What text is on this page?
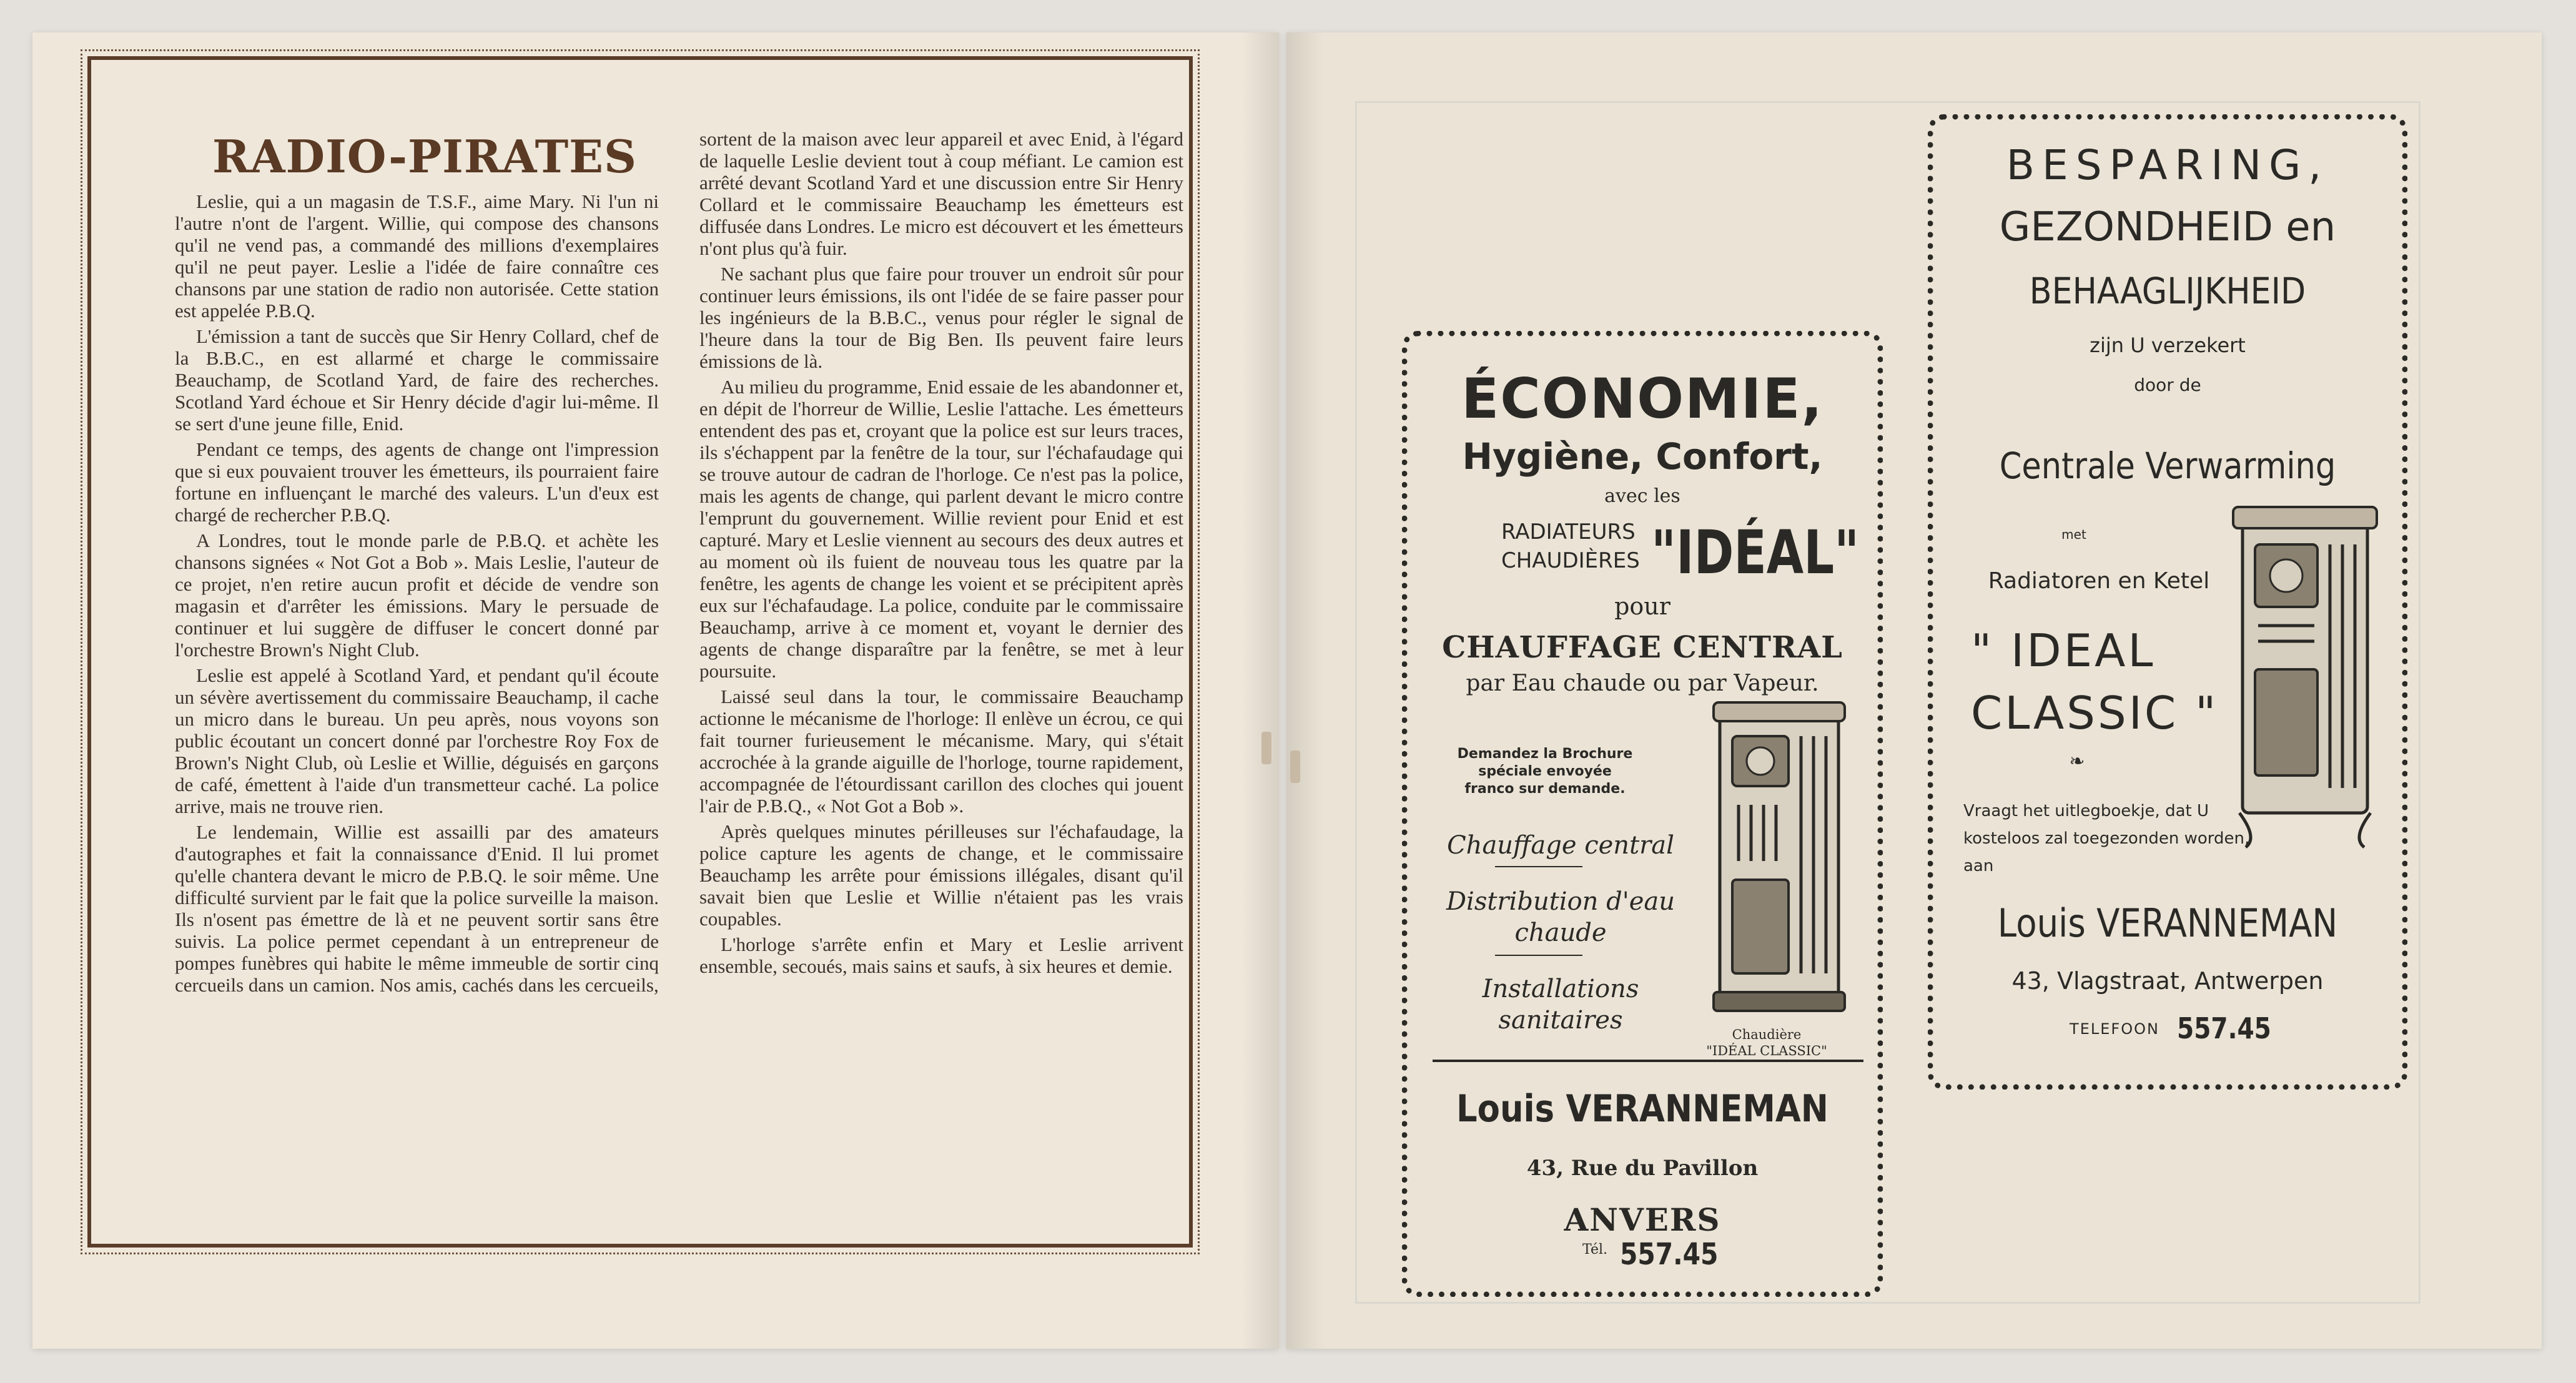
RADIO-PIRATES

Leslie, qui a un magasin de T.S.F., aime Mary. Ni l'un ni l'autre n'ont de l'argent. Willie, qui compose des chansons qu'il ne vend pas, a commandé des millions d'exemplaires qu'il ne peut payer. Leslie a l'idée de faire connaître ces chansons par une station de radio non autorisée. Cette station est appelée P.B.Q.

L'émission a tant de succès que Sir Henry Collard, chef de la B.B.C., en est allarmé et charge le commissaire Beauchamp, de Scotland Yard, de faire des recherches. Scotland Yard échoue et Sir Henry décide d'agir lui-même. Il se sert d'une jeune fille, Enid.

Pendant ce temps, des agents de change ont l'impression que si eux pouvaient trouver les émetteurs, ils pourraient faire fortune en influençant le marché des valeurs. L'un d'eux est chargé de rechercher P.B.Q.

A Londres, tout le monde parle de P.B.Q. et achète les chansons signées « Not Got a Bob ». Mais Leslie, l'auteur de ce projet, n'en retire aucun profit et décide de vendre son magasin et d'arrêter les émissions. Mary le persuade de continuer et lui suggère de diffuser le concert donné par l'orchestre Brown's Night Club.

Leslie est appelé à Scotland Yard, et pendant qu'il écoute un sévère avertissement du commissaire Beauchamp, il cache un micro dans le bureau. Un peu après, nous voyons son public écoutant un concert donné par l'orchestre Roy Fox de Brown's Night Club, où Leslie et Willie, déguisés en garçons de café, émettent à l'aide d'un transmetteur caché. La police arrive, mais ne trouve rien.

Le lendemain, Willie est assailli par des amateurs d'autographes et fait la connaissance d'Enid. Il lui promet qu'elle chantera devant le micro de P.B.Q. le soir même. Une difficulté survient par le fait que la police surveille la maison. Ils n'osent pas émettre de là et ne peuvent sortir sans être suivis. La police permet cependant à un entrepreneur de pompes funèbres qui habite le même immeuble de sortir cinq cercueils dans un camion. Nos amis, cachés dans les cercueils,

sortent de la maison avec leur appareil et avec Enid, à l'égard de laquelle Leslie devient tout à coup méfiant. Le camion est arrêté devant Scotland Yard et une discussion entre Sir Henry Collard et le commissaire Beauchamp les émetteurs est diffusée dans Londres. Le micro est découvert et les émetteurs n'ont plus qu'à fuir.

Ne sachant plus que faire pour trouver un endroit sûr pour continuer leurs émissions, ils ont l'idée de se faire passer pour les ingénieurs de la B.B.C., venus pour régler le signal de l'heure dans la tour de Big Ben. Ils peuvent faire leurs émissions de là.

Au milieu du programme, Enid essaie de les abandonner et, en dépit de l'horreur de Willie, Leslie l'attache. Les émetteurs entendent des pas et, croyant que la police est sur leurs traces, ils s'échappent par la fenêtre de la tour, sur l'échafaudage qui se trouve autour de cadran de l'horloge. Ce n'est pas la police, mais les agents de change, qui parlent devant le micro contre l'emprunt du gouvernement. Willie revient pour Enid et est capturé. Mary et Leslie viennent au secours des deux autres et au moment où ils fuient de nouveau tous les quatre par la fenêtre, les agents de change les voient et se précipitent après eux sur l'échafaudage. La police, conduite par le commissaire Beauchamp, arrive à ce moment et, voyant le dernier des agents de change disparaître par la fenêtre, se met à leur poursuite.

Laissé seul dans la tour, le commissaire Beauchamp actionne le mécanisme de l'horloge: Il enlève un écrou, ce qui fait tourner furieusement le mécanisme. Mary, qui s'était accrochée à la grande aiguille de l'horloge, tourne rapidement, accompagnée de l'étourdissant carillon des cloches qui jouent l'air de P.B.Q., « Not Got a Bob ».

Après quelques minutes périlleuses sur l'échafaudage, la police capture les agents de change, et le commissaire Beauchamp les arrête pour émissions illégales, disant qu'il savait bien que Leslie et Willie n'étaient pas les vrais coupables.

L'horloge s'arrête enfin et Mary et Leslie arrivent ensemble, secoués, mais sains et saufs, à six heures et demie.

ÉCONOMIE,
Hygiène, Confort,
avec les
RADIATEURS
CHAUDIÈRES "IDÉAL"
pour
CHAUFFAGE CENTRAL
par Eau chaude ou par Vapeur.
Demandez la Brochure spéciale envoyée franco sur demande.
Chauffage central
Distribution d'eau chaude
Installations sanitaires	Chaudière
"IDÉAL CLASSIC"
Louis VERANNEMAN
43, Rue du Pavillon
ANVERS
Tél. 557.45
BESPARING,
GEZONDHEID en
BEHAAGLIJKHEID
zijn U verzekert
door de
Centrale Verwarming
met
Radiatoren en Ketel
" IDEAL
CLASSIC "
❧
Vraagt het uitlegboekje, dat U kosteloos zal toegezonden worden, aan
Louis VERANNEMAN
43, Vlagstraat, Antwerpen
TELEFOON 557.45
